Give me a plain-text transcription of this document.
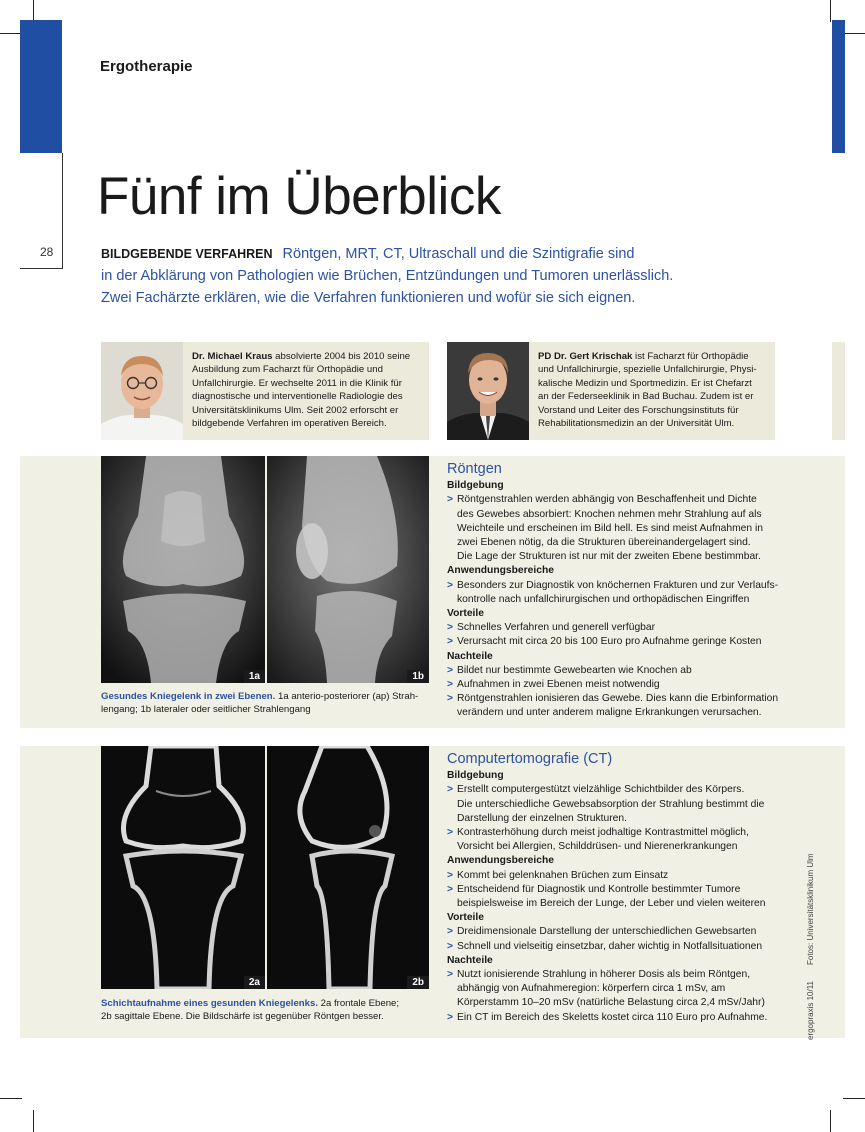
Ergotherapie
28
Fünf im Überblick
BILDGEBENDE VERFAHREN Röntgen, MRT, CT, Ultraschall und die Szintigrafie sind
in der Abklärung von Pathologien wie Brüchen, Entzündungen und Tumoren unerlässlich.
Zwei Fachärzte erklären, wie die Verfahren funktionieren und wofür sie sich eignen.
Dr. Michael Kraus absolvierte 2004 bis 2010 seine
Ausbildung zum Facharzt für Orthopädie und
Unfallchirurgie. Er wechselte 2011 in die Klinik für
diagnostische und interventionelle Radiologie des
Universitätsklinikums Ulm. Seit 2002 erforscht er
bildgebende Verfahren im operativen Bereich.
PD Dr. Gert Krischak ist Facharzt für Orthopädie
und Unfallchirurgie, spezielle Unfallchirurgie, Physi-
kalische Medizin und Sportmedizin. Er ist Chefarzt
an der Federseeklinik in Bad Buchau. Zudem ist er
Vorstand und Leiter des Forschungsinstituts für
Rehabilitationsmedizin an der Universität Ulm.
1a	1b
Gesundes Kniegelenk in zwei Ebenen. 1a anterio-posteriorer (ap) Strah-
lengang; 1b lateraler oder seitlicher Strahlengang
Röntgen
Bildgebung
> Röntgenstrahlen werden abhängig von Beschaffenheit und Dichte
des Gewebes absorbiert: Knochen nehmen mehr Strahlung auf als
Weichteile und erscheinen im Bild hell. Es sind meist Aufnahmen in
zwei Ebenen nötig, da die Strukturen übereinandergelagert sind.
Die Lage der Strukturen ist nur mit der zweiten Ebene bestimmbar.
Anwendungsbereiche
> Besonders zur Diagnostik von knöchernen Frakturen und zur Verlaufs-
kontrolle nach unfallchirurgischen und orthopädischen Eingriffen
Vorteile
> Schnelles Verfahren und generell verfügbar
> Verursacht mit circa 20 bis 100 Euro pro Aufnahme geringe Kosten
Nachteile
> Bildet nur bestimmte Gewebearten wie Knochen ab
> Aufnahmen in zwei Ebenen meist notwendig
> Röntgenstrahlen ionisieren das Gewebe. Dies kann die Erbinformation
verändern und unter anderem maligne Erkrankungen verursachen.
2a	2b
Schichtaufnahme eines gesunden Kniegelenks. 2a frontale Ebene;
2b sagittale Ebene. Die Bildschärfe ist gegenüber Röntgen besser.
Computertomografie (CT)
Bildgebung
> Erstellt computergestützt vielzählige Schichtbilder des Körpers.
Die unterschiedliche Gewebsabsorption der Strahlung bestimmt die
Darstellung der einzelnen Strukturen.
> Kontrasterhöhung durch meist jodhaltige Kontrastmittel möglich,
Vorsicht bei Allergien, Schilddrüsen- und Nierenerkrankungen
Anwendungsbereiche
> Kommt bei gelenknahen Brüchen zum Einsatz
> Entscheidend für Diagnostik und Kontrolle bestimmter Tumore
beispielsweise im Bereich der Lunge, der Leber und vielen weiteren
Vorteile
> Dreidimensionale Darstellung der unterschiedlichen Gewebsarten
> Schnell und vielseitig einsetzbar, daher wichtig in Notfallsituationen
Nachteile
> Nutzt ionisierende Strahlung in höherer Dosis als beim Röntgen,
abhängig von Aufnahmeregion: körperfern circa 1 mSv, am
Körperstamm 10–20 mSv (natürliche Belastung circa 2,4 mSv/Jahr)
> Ein CT im Bereich des Skeletts kostet circa 110 Euro pro Aufnahme.
Fotos: Universitätsklinikum Ulm
ergopraxis 10/11
